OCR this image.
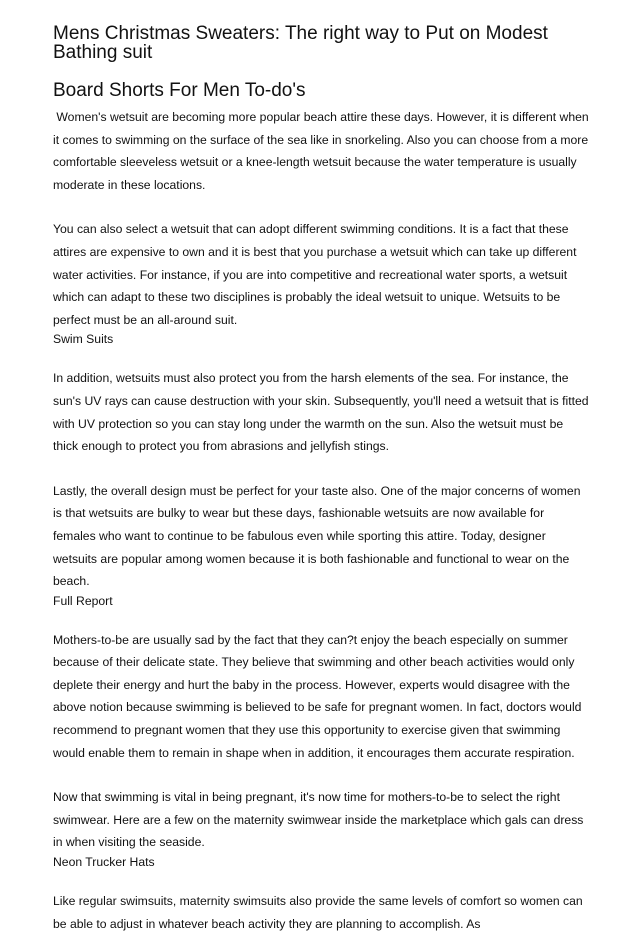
Mens Christmas Sweaters: The right way to Put on Modest Bathing suit
Board Shorts For Men To-do's

Women's wetsuit are becoming more popular beach attire these days. However, it is different when it comes to swimming on the surface of the sea like in snorkeling. Also you can choose from a more comfortable sleeveless wetsuit or a knee-length wetsuit because the water temperature is usually moderate in these locations.

You can also select a wetsuit that can adopt different swimming conditions. It is a fact that these attires are expensive to own and it is best that you purchase a wetsuit which can take up different water activities. For instance, if you are into competitive and recreational water sports, a wetsuit which can adapt to these two disciplines is probably the ideal wetsuit to unique. Wetsuits to be perfect must be an all-around suit.

Swim Suits

In addition, wetsuits must also protect you from the harsh elements of the sea. For instance, the sun's UV rays can cause destruction with your skin. Subsequently, you'll need a wetsuit that is fitted with UV protection so you can stay long under the warmth on the sun. Also the wetsuit must be thick enough to protect you from abrasions and jellyfish stings.

Lastly, the overall design must be perfect for your taste also. One of the major concerns of women is that wetsuits are bulky to wear but these days, fashionable wetsuits are now available for females who want to continue to be fabulous even while sporting this attire. Today, designer wetsuits are popular among women because it is both fashionable and functional to wear on the beach.

Full Report

Mothers-to-be are usually sad by the fact that they can?t enjoy the beach especially on summer because of their delicate state. They believe that swimming and other beach activities would only deplete their energy and hurt the baby in the process. However, experts would disagree with the above notion because swimming is believed to be safe for pregnant women. In fact, doctors would recommend to pregnant women that they use this opportunity to exercise given that swimming would enable them to remain in shape when in addition, it encourages them accurate respiration.

Now that swimming is vital in being pregnant, it's now time for mothers-to-be to select the right swimwear. Here are a few on the maternity swimwear inside the marketplace which gals can dress in when visiting the seaside.

Neon Trucker Hats

Like regular swimsuits, maternity swimsuits also provide the same levels of comfort so women can be able to adjust in whatever beach activity they are planning to accomplish. As
